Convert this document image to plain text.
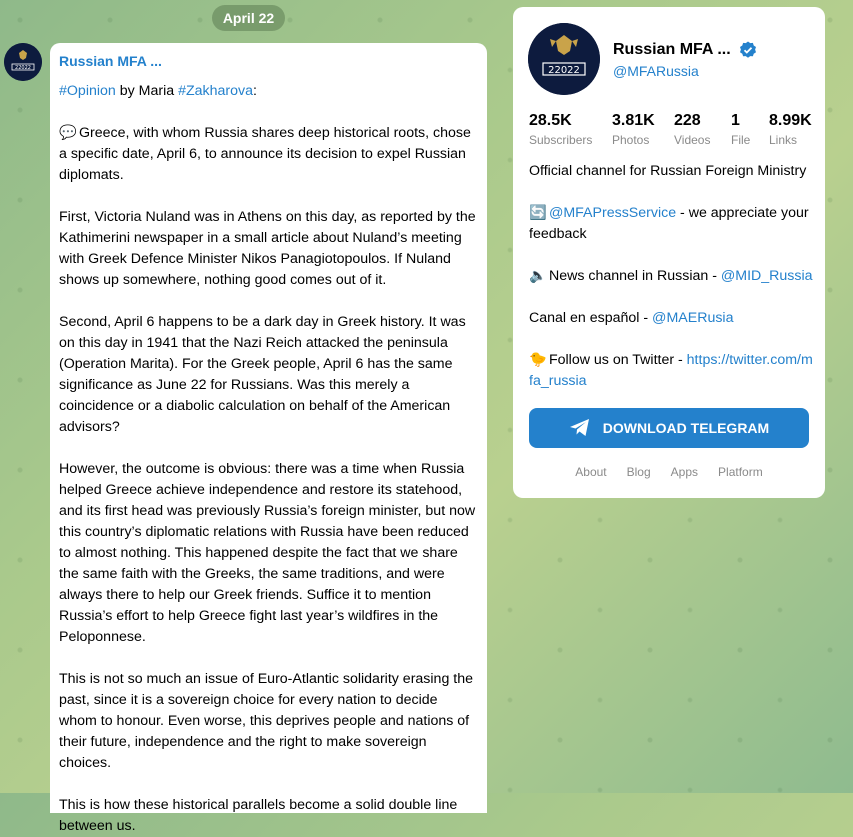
April 22
22022 Russian MFA ...

#Opinion by Maria #Zakharova:

💬 Greece, with whom Russia shares deep historical roots, chose a specific date, April 6, to announce its decision to expel Russian diplomats.

First, Victoria Nuland was in Athens on this day, as reported by the Kathimerini newspaper in a small article about Nuland’s meeting with Greek Defence Minister Nikos Panagiotopoulos. If Nuland shows up somewhere, nothing good comes out of it.

Second, April 6 happens to be a dark day in Greek history. It was on this day in 1941 that the Nazi Reich attacked the peninsula (Operation Marita). For the Greek people, April 6 has the same significance as June 22 for Russians. Was this merely a coincidence or a diabolic calculation on behalf of the American advisors?

However, the outcome is obvious: there was a time when Russia helped Greece achieve independence and restore its statehood, and its first head was previously Russia’s foreign minister, but now this country’s diplomatic relations with Russia have been reduced to almost nothing. This happened despite the fact that we share the same faith with the Greeks, the same traditions, and were always there to help our Greek friends. Suffice it to mention Russia’s effort to help Greece fight last year’s wildfires in the Peloponnese.

This is not so much an issue of Euro-Atlantic solidarity erasing the past, since it is a sovereign choice for every nation to decide whom to honour. Even worse, this deprives people and nations of their future, independence and the right to make sovereign choices.

This is how these historical parallels become a solid double line between us.

22022
Russian MFA ...
@MFARussia
28.5K
Subscribers
3.81K
Photos
228
Videos
1
File
8.99K
Links

Official channel for Russian Foreign Ministry

🔄 @MFAPressService - we appreciate your feedback

🔈 News channel in Russian - @MID_Russia

Canal en español - @MAERusia

🐤 Follow us on Twitter - https://twitter.com/mfa_russia

DOWNLOAD TELEGRAM
About Blog Apps Platform
